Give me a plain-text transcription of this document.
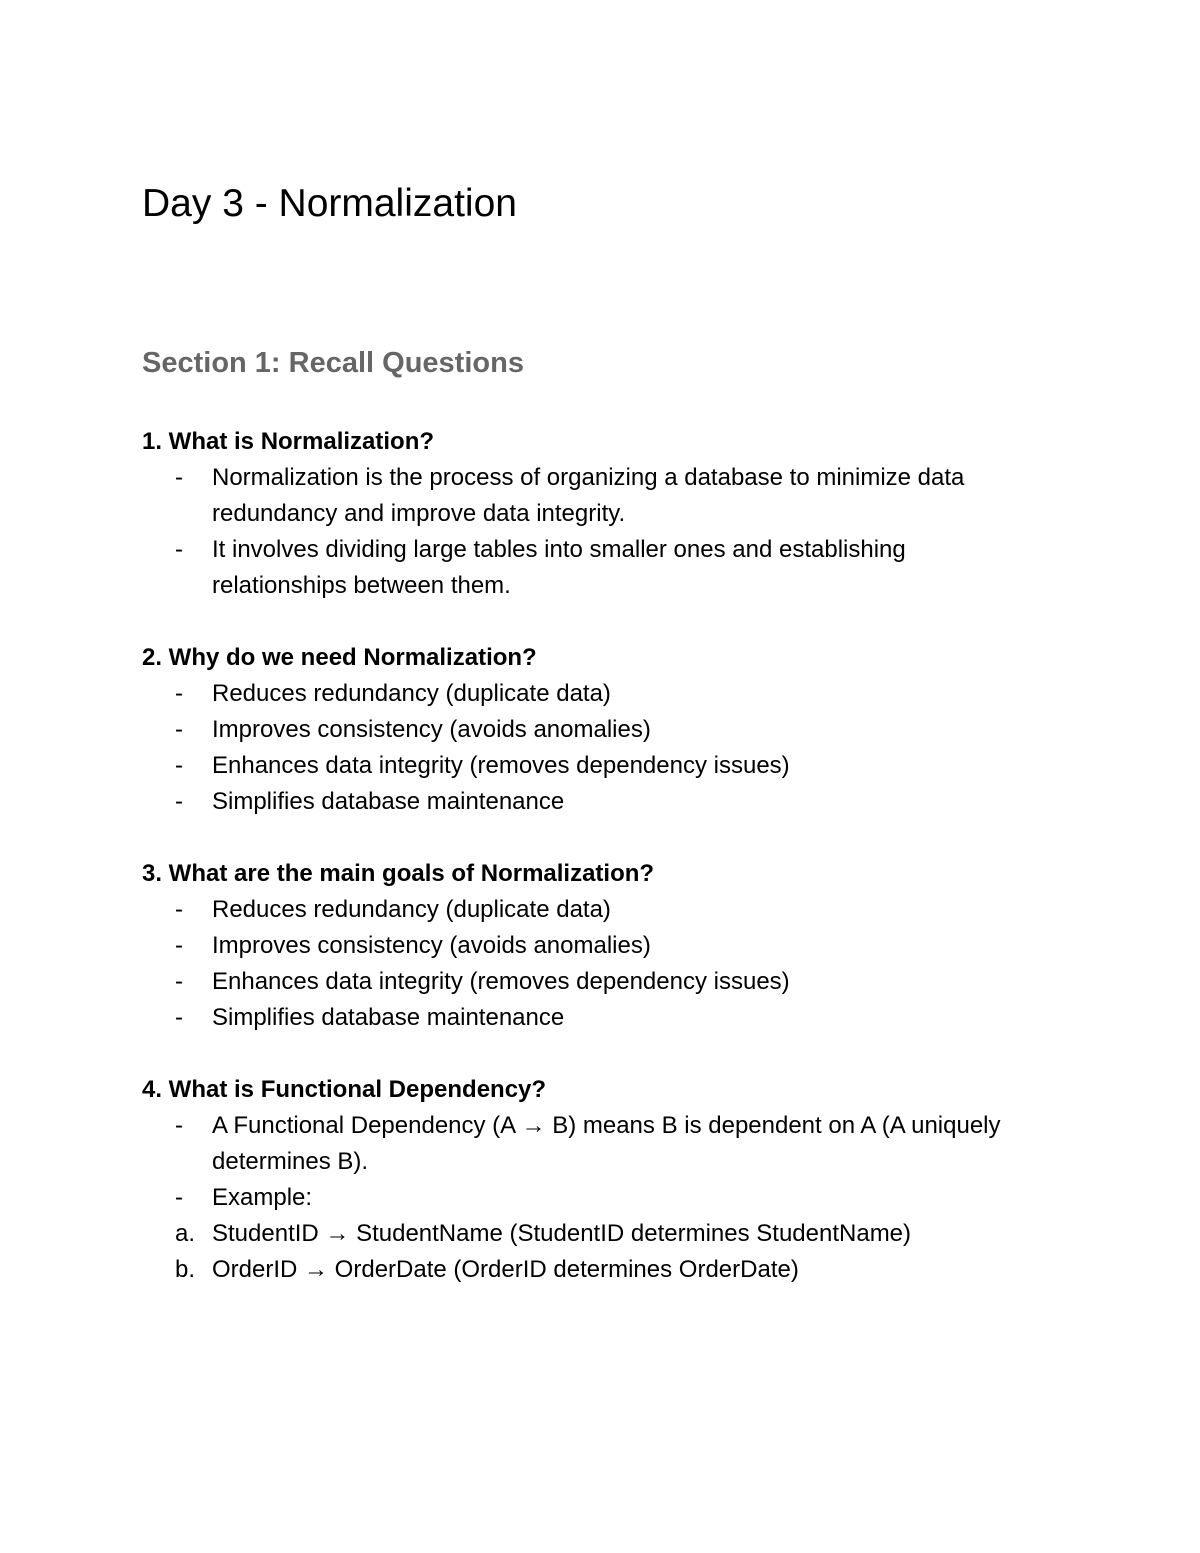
Day 3 - Normalization
Section 1: Recall Questions

1. What is Normalization?

-	Normalization is the process of organizing a database to minimize data redundancy and improve data integrity.
-	It involves dividing large tables into smaller ones and establishing relationships between them.

2. Why do we need Normalization?

-	Reduces redundancy (duplicate data)
-	Improves consistency (avoids anomalies)
-	Enhances data integrity (removes dependency issues)
-	Simplifies database maintenance

3. What are the main goals of Normalization?

-	Reduces redundancy (duplicate data)
-	Improves consistency (avoids anomalies)
-	Enhances data integrity (removes dependency issues)
-	Simplifies database maintenance

4. What is Functional Dependency?

-	A Functional Dependency (A → B) means B is dependent on A (A uniquely determines B).
-	Example:
a. StudentID → StudentName (StudentID determines StudentName)
b. OrderID → OrderDate (OrderID determines OrderDate)
